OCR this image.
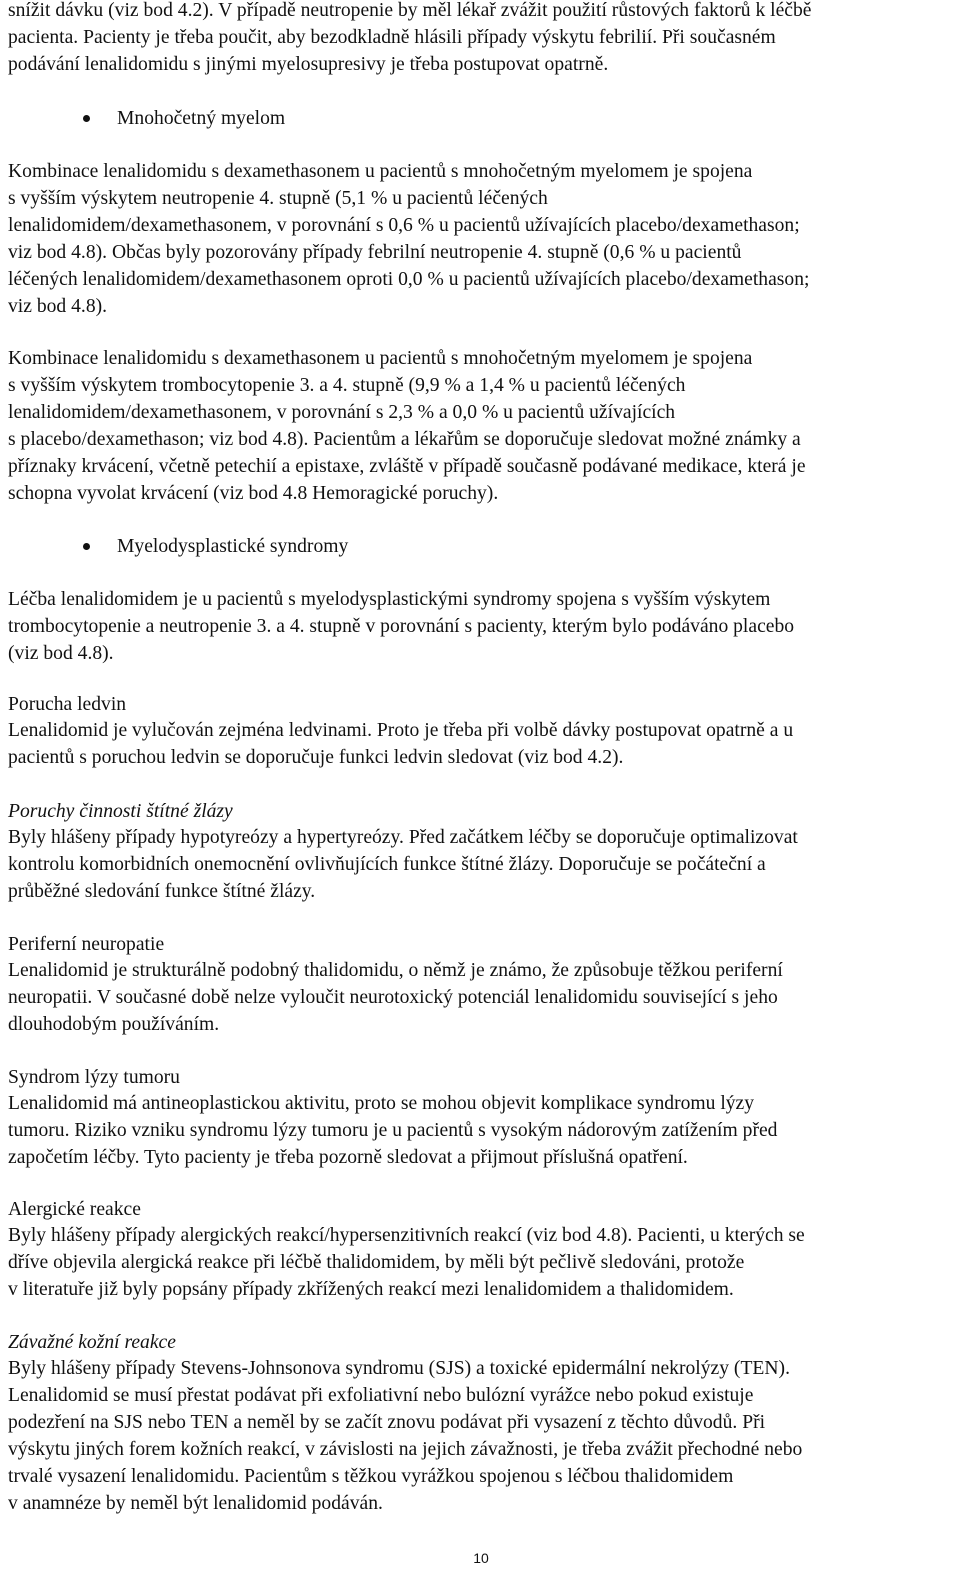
snížit dávku (viz bod 4.2). V případě neutropenie by měl lékař zvážit použití růstových faktorů k léčbě
pacienta. Pacienty je třeba poučit, aby bezodkladně hlásili případy výskytu febrilií. Při současném
podávání lenalidomidu s jinými myelosupresivy je třeba postupovat opatrně.
Mnohočetný myelom
Kombinace lenalidomidu s dexamethasonem u pacientů s mnohočetným myelomem je spojena
s vyšším výskytem neutropenie 4. stupně (5,1 % u pacientů léčených
lenalidomidem/dexamethasonem, v porovnání s 0,6 % u pacientů užívajících placebo/dexamethason;
viz bod 4.8). Občas byly pozorovány případy febrilní neutropenie 4. stupně (0,6 % u pacientů
léčených lenalidomidem/dexamethasonem oproti 0,0 % u pacientů užívajících placebo/dexamethason;
viz bod 4.8).
Kombinace lenalidomidu s dexamethasonem u pacientů s mnohočetným myelomem je spojena
s vyšším výskytem trombocytopenie 3. a 4. stupně (9,9 % a 1,4 % u pacientů léčených
lenalidomidem/dexamethasonem, v porovnání s 2,3 % a 0,0 % u pacientů užívajících
s placebo/dexamethason; viz bod 4.8). Pacientům a lékařům se doporučuje sledovat možné známky a
příznaky krvácení, včetně petechií a epistaxe, zvláště v případě současně podávané medikace, která je
schopna vyvolat krvácení (viz bod 4.8 Hemoragické poruchy).
Myelodysplastické syndromy
Léčba lenalidomidem je u pacientů s myelodysplastickými syndromy spojena s vyšším výskytem
trombocytopenie a neutropenie 3. a 4. stupně v porovnání s pacienty, kterým bylo podáváno placebo
(viz bod 4.8).
Porucha ledvin
Lenalidomid je vylučován zejména ledvinami. Proto je třeba při volbě dávky postupovat opatrně a u
pacientů s poruchou ledvin se doporučuje funkci ledvin sledovat (viz bod 4.2).
Poruchy činnosti štítné žlázy
Byly hlášeny případy hypotyreózy a hypertyreózy. Před začátkem léčby se doporučuje optimalizovat
kontrolu komorbidních onemocnění ovlivňujících funkce štítné žlázy. Doporučuje se počáteční a
průběžné sledování funkce štítné žlázy.
Periferní neuropatie
Lenalidomid je strukturálně podobný thalidomidu, o němž je známo, že způsobuje těžkou periferní
neuropatii. V současné době nelze vyloučit neurotoxický potenciál lenalidomidu související s jeho
dlouhodobým používáním.
Syndrom lýzy tumoru
Lenalidomid má antineoplastickou aktivitu, proto se mohou objevit komplikace syndromu lýzy
tumoru. Riziko vzniku syndromu lýzy tumoru je u pacientů s vysokým nádorovým zatížením před
započetím léčby. Tyto pacienty je třeba pozorně sledovat a přijmout příslušná opatření.
Alergické reakce
Byly hlášeny případy alergických reakcí/hypersenzitivních reakcí (viz bod 4.8). Pacienti, u kterých se
dříve objevila alergická reakce při léčbě thalidomidem, by měli být pečlivě sledováni, protože
v literatuře již byly popsány případy zkřížených reakcí mezi lenalidomidem a thalidomidem.
Závažné kožní reakce
Byly hlášeny případy Stevens-Johnsonova syndromu (SJS) a toxické epidermální nekrolýzy (TEN).
Lenalidomid se musí přestat podávat při exfoliativní nebo bulózní vyrážce nebo pokud existuje
podezření na SJS nebo TEN a neměl by se začít znovu podávat při vysazení z těchto důvodů. Při
výskytu jiných forem kožních reakcí, v závislosti na jejich závažnosti, je třeba zvážit přechodné nebo
trvalé vysazení lenalidomidu. Pacientům s těžkou vyrážkou spojenou s léčbou thalidomidem
v anamnéze by neměl být lenalidomid podáván.
10
